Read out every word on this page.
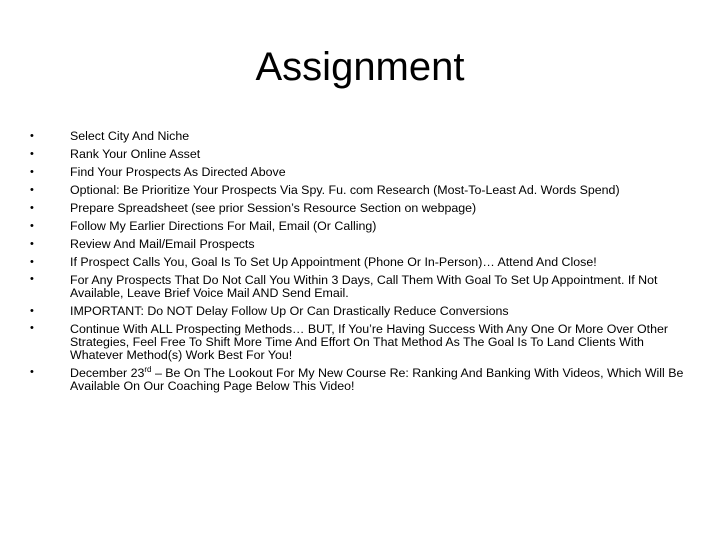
Assignment
•	Select City And Niche
•	Rank Your Online Asset
•	Find Your Prospects As Directed Above
•	Optional: Be Prioritize Your Prospects Via Spy. Fu. com Research (Most-To-Least Ad. Words Spend)
•	Prepare Spreadsheet (see prior Session’s Resource Section on webpage)
•	Follow My Earlier Directions For Mail, Email (Or Calling)
•	Review And Mail/Email Prospects
•	If Prospect Calls You, Goal Is To Set Up Appointment (Phone Or In-Person)… Attend And Close!
•	For Any Prospects That Do Not Call You Within 3 Days, Call Them With Goal To Set Up Appointment. If Not Available, Leave Brief Voice Mail AND Send Email.
•	IMPORTANT: Do NOT Delay Follow Up Or Can Drastically Reduce Conversions
•	Continue With ALL Prospecting Methods… BUT, If You’re Having Success With Any One Or More Over Other Strategies, Feel Free To Shift More Time And Effort On That Method As The Goal Is To Land Clients With Whatever Method(s) Work Best For You!
•	December 23rd – Be On The Lookout For My New Course Re: Ranking And Banking With Videos, Which Will Be Available On Our Coaching Page Below This Video!
